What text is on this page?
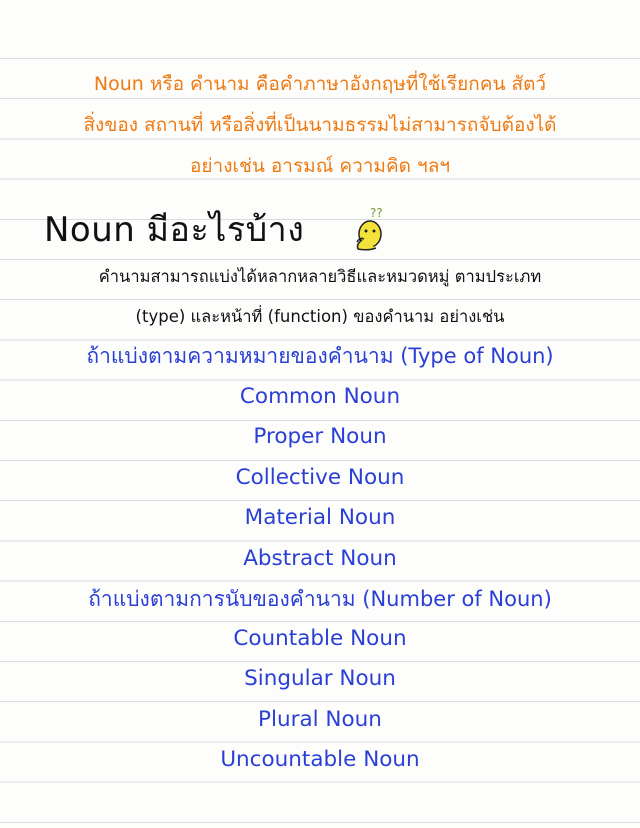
Noun หรือ คำนาม คือคำภาษาอังกฤษที่ใช้เรียกคน สัตว์
สิ่งของ สถานที่ หรือสิ่งที่เป็นนามธรรมไม่สามารถจับต้องได้
อย่างเช่น อารมณ์ ความคิด ฯลฯ
Noun มีอะไรบ้าง	??
คำนามสามารถแบ่งได้หลากหลายวิธีและหมวดหมู่ ตามประเภท
(type) และหน้าที่ (function) ของคำนาม อย่างเช่น
ถ้าแบ่งตามความหมายของคำนาม (Type of Noun)
Common Noun
Proper Noun
Collective Noun
Material Noun
Abstract Noun
ถ้าแบ่งตามการนับของคำนาม (Number of Noun)
Countable Noun
Singular Noun
Plural Noun
Uncountable Noun
